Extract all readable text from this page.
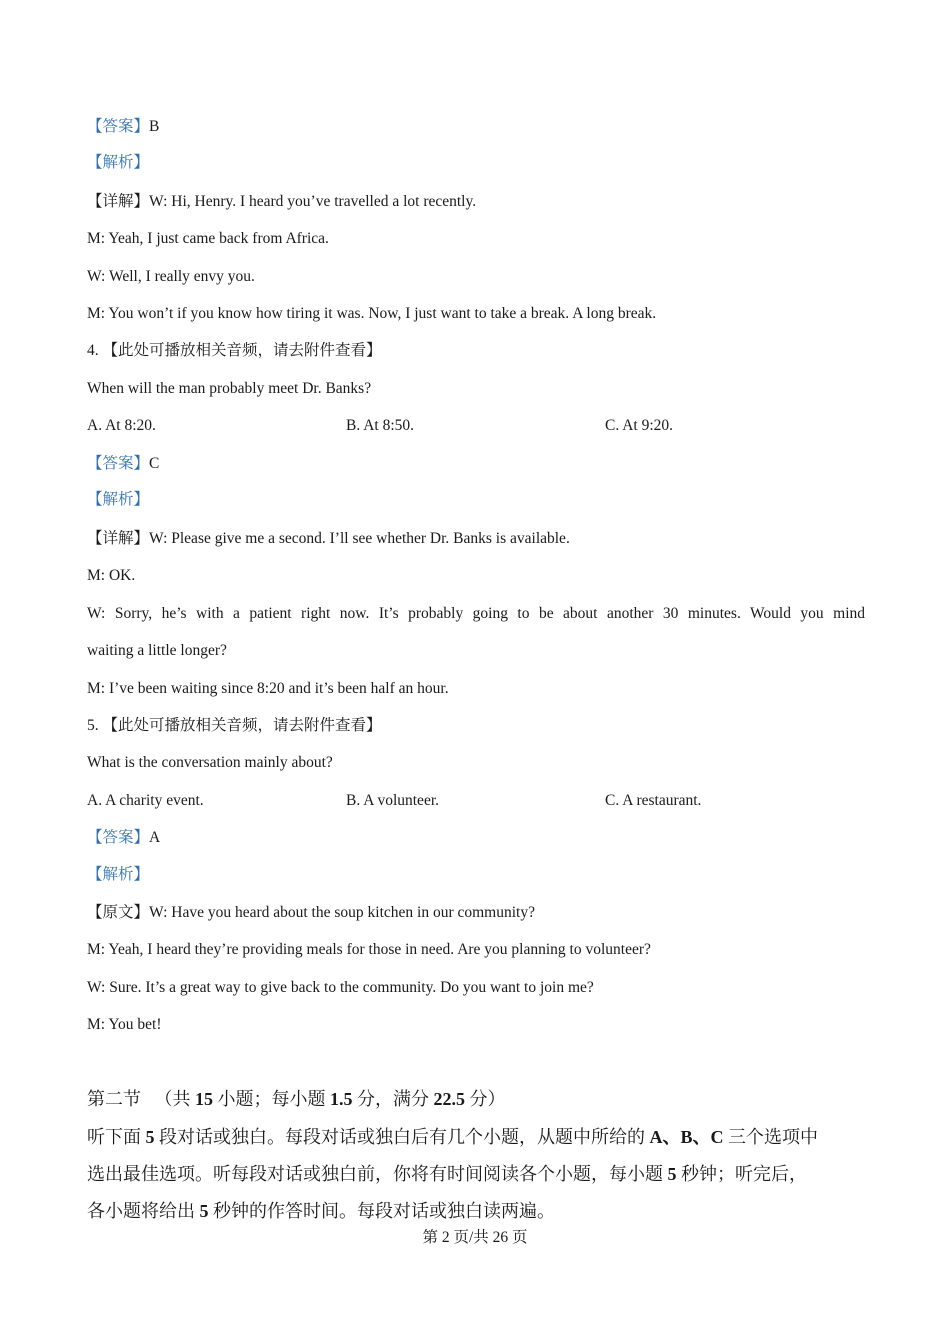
【答案】B
【解析】
【详解】W: Hi, Henry. I heard you’ve travelled a lot recently.
M: Yeah, I just came back from Africa.
W: Well, I really envy you.
M: You won’t if you know how tiring it was. Now, I just want to take a break. A long break.
4. 【此处可播放相关音频，请去附件查看】
When will the man probably meet Dr. Banks?
A. At 8:20.	B. At 8:50.	C. At 9:20.
【答案】C
【解析】
【详解】W: Please give me a second. I’ll see whether Dr. Banks is available.
M: OK.
W: Sorry, he’s with a patient right now. It’s probably going to be about another 30 minutes. Would you mind
waiting a little longer?
M: I’ve been waiting since 8:20 and it’s been half an hour.
5. 【此处可播放相关音频，请去附件查看】
What is the conversation mainly about?
A. A charity event.	B. A volunteer.	C. A restaurant.
【答案】A
【解析】
【原文】W: Have you heard about the soup kitchen in our community?
M: Yeah, I heard they’re providing meals for those in need. Are you planning to volunteer?
W: Sure. It’s a great way to give back to the community. Do you want to join me?
M: You bet!
第二节 （共 15 小题；每小题 1.5 分，满分 22.5 分）
听下面 5 段对话或独白。每段对话或独白后有几个小题，从题中所给的 A、B、C 三个选项中
选出最佳选项。听每段对话或独白前，你将有时间阅读各个小题，每小题 5 秒钟；听完后，
各小题将给出 5 秒钟的作答时间。每段对话或独白读两遍。
第 2 页/共 26 页
